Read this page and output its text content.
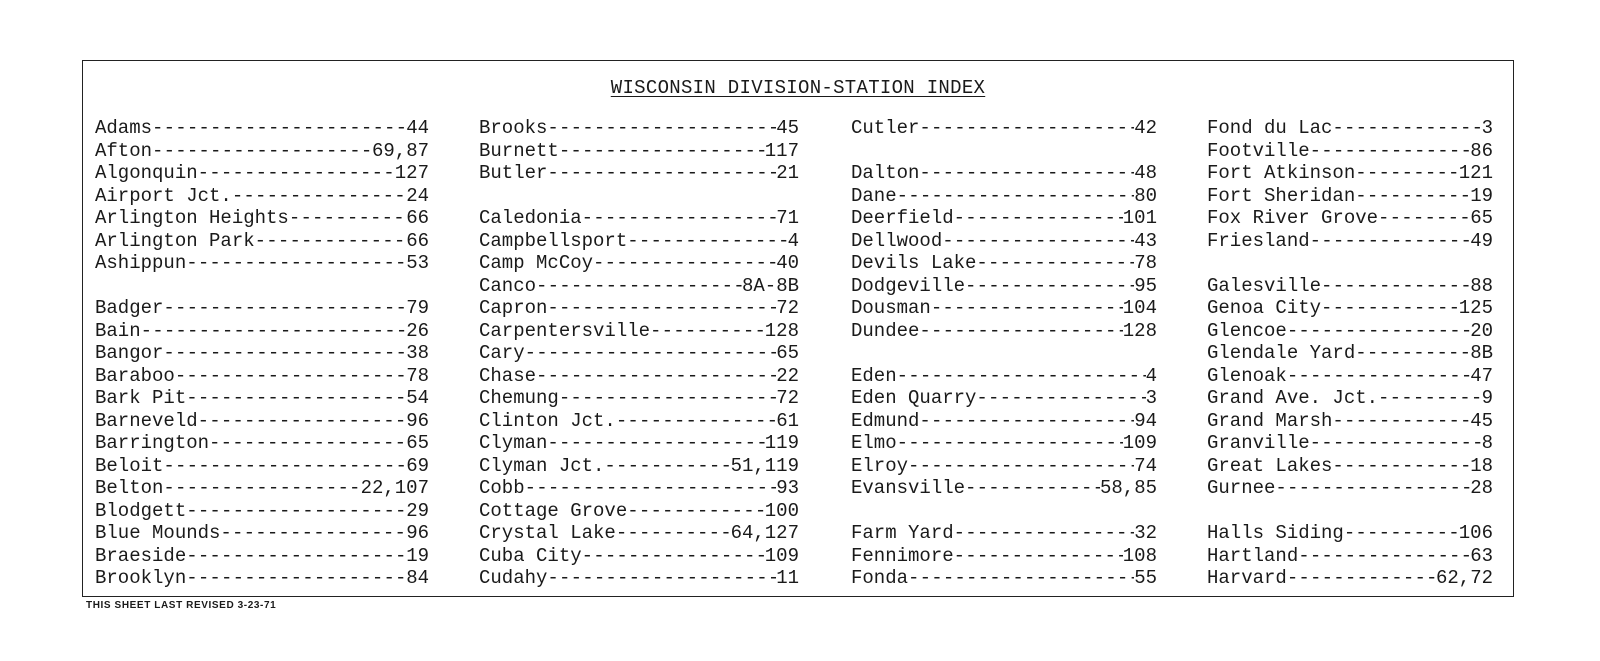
WISCONSIN DIVISION-STATION INDEX
Adams -----	44
Afton -----	69,87
Algonquin -----	127
Airport Jct. -----	24
Arlington Heights -----	66
Arlington Park -----	66
Ashippun -----	53
Badger -----	79
Bain -----	26
Bangor -----	38
Baraboo -----	78
Bark Pit -----	54
Barneveld -----	96
Barrington -----	65
Beloit -----	69
Belton -----	22,107
Blodgett -----	29
Blue Mounds -----	96
Braeside -----	19
Brooklyn -----	84
Brooks -----	45
Burnett -----	117
Butler -----	21
Caledonia -----	71
Campbellsport -----	4
Camp McCoy -----	40
Canco -----	8A-8B
Capron -----	72
Carpentersville -----	128
Cary -----	65
Chase -----	22
Chemung -----	72
Clinton Jct. -----	61
Clyman -----	119
Clyman Jct. -----	51,119
Cobb -----	93
Cottage Grove -----	100
Crystal Lake -----	64,127
Cuba City -----	109
Cudahy -----	11
Cutler -----	42
Dalton -----	48
Dane -----	80
Deerfield -----	101
Dellwood -----	43
Devils Lake -----	78
Dodgeville -----	95
Dousman -----	104
Dundee -----	128
Eden -----	4
Eden Quarry -----	3
Edmund -----	94
Elmo -----	109
Elroy -----	74
Evansville -----	58,85
Farm Yard -----	32
Fennimore -----	108
Fonda -----	55
Fond du Lac -----	3
Footville -----	86
Fort Atkinson -----	121
Fort Sheridan -----	19
Fox River Grove -----	65
Friesland -----	49
Galesville -----	88
Genoa City -----	125
Glencoe -----	20
Glendale Yard -----	8B
Glenoak -----	47
Grand Ave. Jct. -----	9
Grand Marsh -----	45
Granville -----	8
Great Lakes -----	18
Gurnee -----	28
Halls Siding -----	106
Hartland -----	63
Harvard -----	62,72
THIS SHEET LAST REVISED 3-23-71
